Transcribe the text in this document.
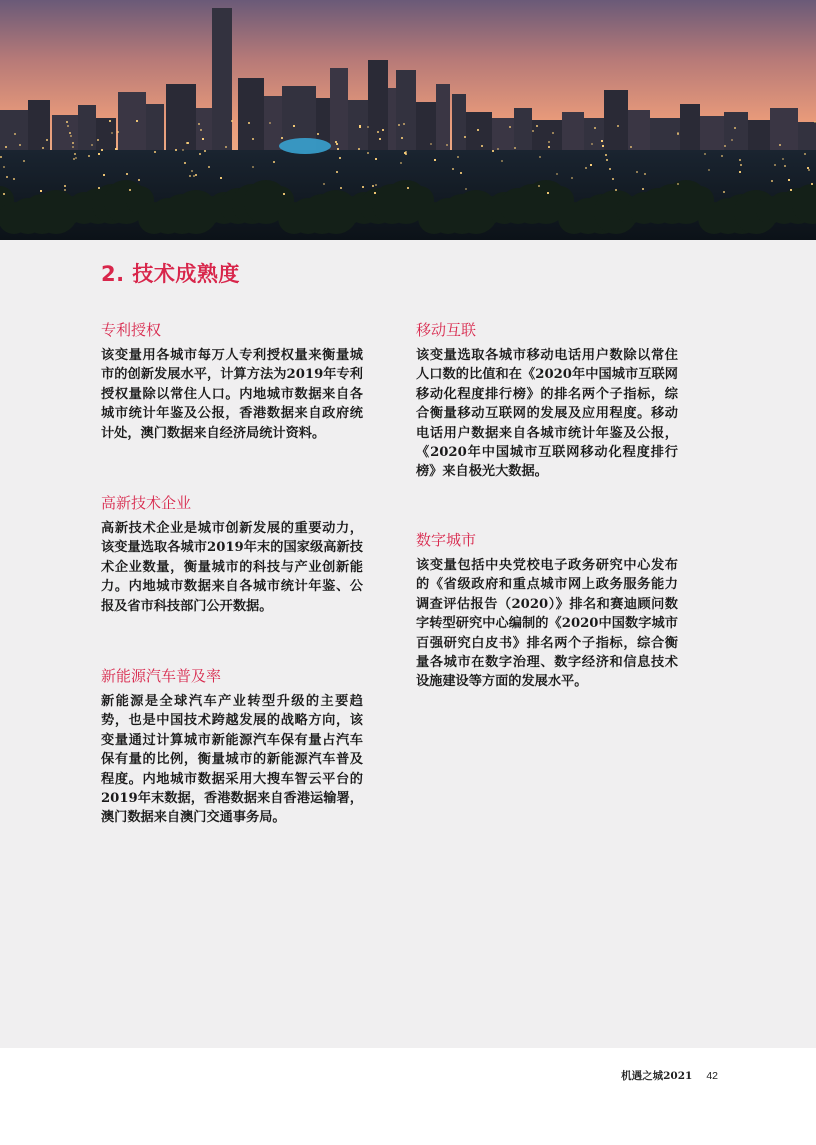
2. 技术成熟度
专利授权

该变量用各城市每万人专利授权量来衡量城市的创新发展水平，计算方法为2019年专利授权量除以常住人口。内地城市数据来自各城市统计年鉴及公报，香港数据来自政府统计处，澳门数据来自经济局统计资料。

高新技术企业

高新技术企业是城市创新发展的重要动力，该变量选取各城市2019年末的国家级高新技术企业数量，衡量城市的科技与产业创新能力。内地城市数据来自各城市统计年鉴、公报及省市科技部门公开数据。

新能源汽车普及率

新能源是全球汽车产业转型升级的主要趋势，也是中国技术跨越发展的战略方向，该变量通过计算城市新能源汽车保有量占汽车保有量的比例，衡量城市的新能源汽车普及程度。内地城市数据采用大搜车智云平台的2019年末数据，香港数据来自香港运输署，澳门数据来自澳门交通事务局。

移动互联

该变量选取各城市移动电话用户数除以常住人口数的比值和在《2020年中国城市互联网移动化程度排行榜》的排名两个子指标，综合衡量移动互联网的发展及应用程度。移动电话用户数据来自各城市统计年鉴及公报，《2020年中国城市互联网移动化程度排行榜》来自极光大数据。

数字城市

该变量包括中央党校电子政务研究中心发布的《省级政府和重点城市网上政务服务能力调查评估报告（2020）》排名和赛迪顾问数字转型研究中心编制的《2020中国数字城市百强研究白皮书》排名两个子指标，综合衡量各城市在数字治理、数字经济和信息技术设施建设等方面的发展水平。

机遇之城2021 42
